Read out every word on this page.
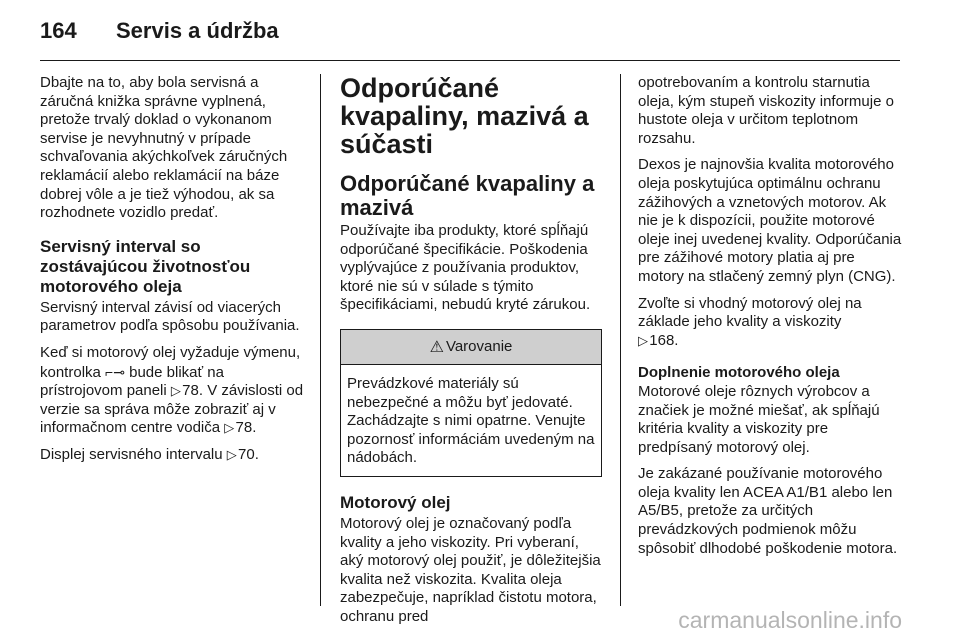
164 Servis a údržba

Dbajte na to, aby bola servisná a záručná knižka správne vyplnená, pretože trvalý doklad o vykonanom servise je nevyhnutný v prípade schvaľovania akýchkoľvek záručných reklamácií alebo reklamácií na báze dobrej vôle a je tiež výhodou, ak sa rozhodnete vozidlo predať.

Servisný interval so zostávajúcou životnosťou motorového oleja

Servisný interval závisí od viacerých parametrov podľa spôsobu používania.

Keď si motorový olej vyžaduje výmenu, kontrolka ⌐⊸ bude blikať na prístrojovom paneli ▷ 78. V závislosti od verzie sa správa môže zobraziť aj v informačnom centre vodiča ▷ 78.

Displej servisného intervalu ▷ 70.

Odporúčané kvapaliny, mazivá a súčasti
Odporúčané kvapaliny a mazivá

Používajte iba produkty, ktoré spĺňajú odporúčané špecifikácie. Poškodenia vyplývajúce z používania produktov, ktoré nie sú v súlade s týmito špecifikáciami, nebudú kryté zárukou.

⚠ Varovanie

Prevádzkové materiály sú nebezpečné a môžu byť jedovaté. Zachádzajte s nimi opatrne. Venujte pozornosť informáciám uvedeným na nádobách.

Motorový olej

Motorový olej je označovaný podľa kvality a jeho viskozity. Pri vyberaní, aký motorový olej použiť, je dôležitejšia kvalita než viskozita. Kvalita oleja zabezpečuje, napríklad čistotu motora, ochranu pred

opotrebovaním a kontrolu starnutia oleja, kým stupeň viskozity informuje o hustote oleja v určitom teplotnom rozsahu.

Dexos je najnovšia kvalita motorového oleja poskytujúca optimálnu ochranu zážihových a vznetových motorov. Ak nie je k dispozícii, použite motorové oleje inej uvedenej kvality. Odporúčania pre zážihové motory platia aj pre motory na stlačený zemný plyn (CNG).

Zvoľte si vhodný motorový olej na základe jeho kvality a viskozity
▷ 168.

Doplnenie motorového oleja

Motorové oleje rôznych výrobcov a značiek je možné miešať, ak spĺňajú kritéria kvality a viskozity pre predpísaný motorový olej.

Je zakázané používanie motorového oleja kvality len ACEA A1/B1 alebo len A5/B5, pretože za určitých prevádzkových podmienok môžu spôsobiť dlhodobé poškodenie motora.

carmanualsonline.info
